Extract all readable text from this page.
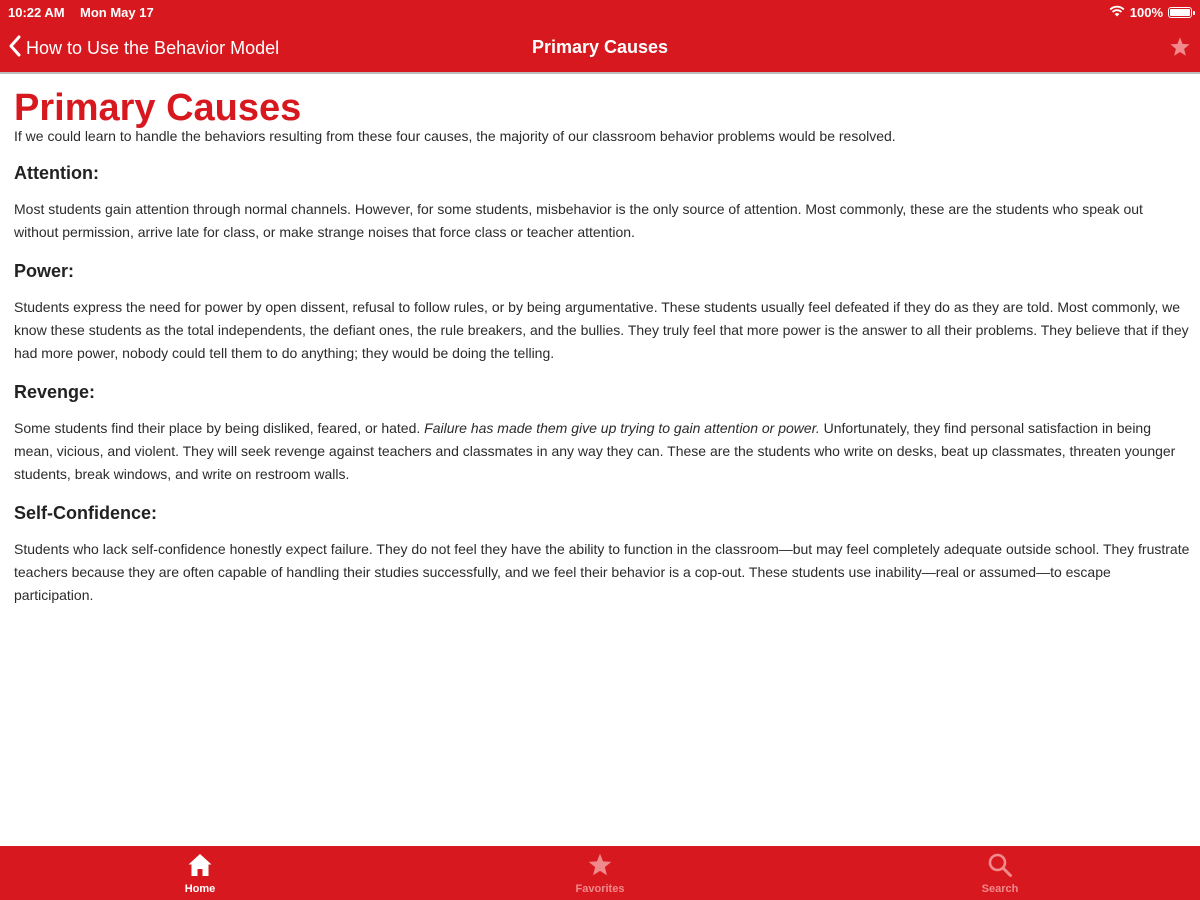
10:22 AM Mon May 17	100%
How to Use the Behavior Model	Primary Causes
Primary Causes

If we could learn to handle the behaviors resulting from these four causes, the majority of our classroom behavior problems would be resolved.

Attention:

Most students gain attention through normal channels. However, for some students, misbehavior is the only source of attention. Most commonly, these are the students who speak out without permission, arrive late for class, or make strange noises that force class or teacher attention.

Power:

Students express the need for power by open dissent, refusal to follow rules, or by being argumentative. These students usually feel defeated if they do as they are told. Most commonly, we know these students as the total independents, the defiant ones, the rule breakers, and the bullies. They truly feel that more power is the answer to all their problems. They believe that if they had more power, nobody could tell them to do anything; they would be doing the telling.

Revenge:

Some students find their place by being disliked, feared, or hated. Failure has made them give up trying to gain attention or power. Unfortunately, they find personal satisfaction in being mean, vicious, and violent. They will seek revenge against teachers and classmates in any way they can. These are the students who write on desks, beat up classmates, threaten younger students, break windows, and write on restroom walls.

Self-Confidence:

Students who lack self-confidence honestly expect failure. They do not feel they have the ability to function in the classroom—but may feel completely adequate outside school. They frustrate teachers because they are often capable of handling their studies successfully, and we feel their behavior is a cop-out. These students use inability—real or assumed—to escape participation.

Home	Favorites	Search
